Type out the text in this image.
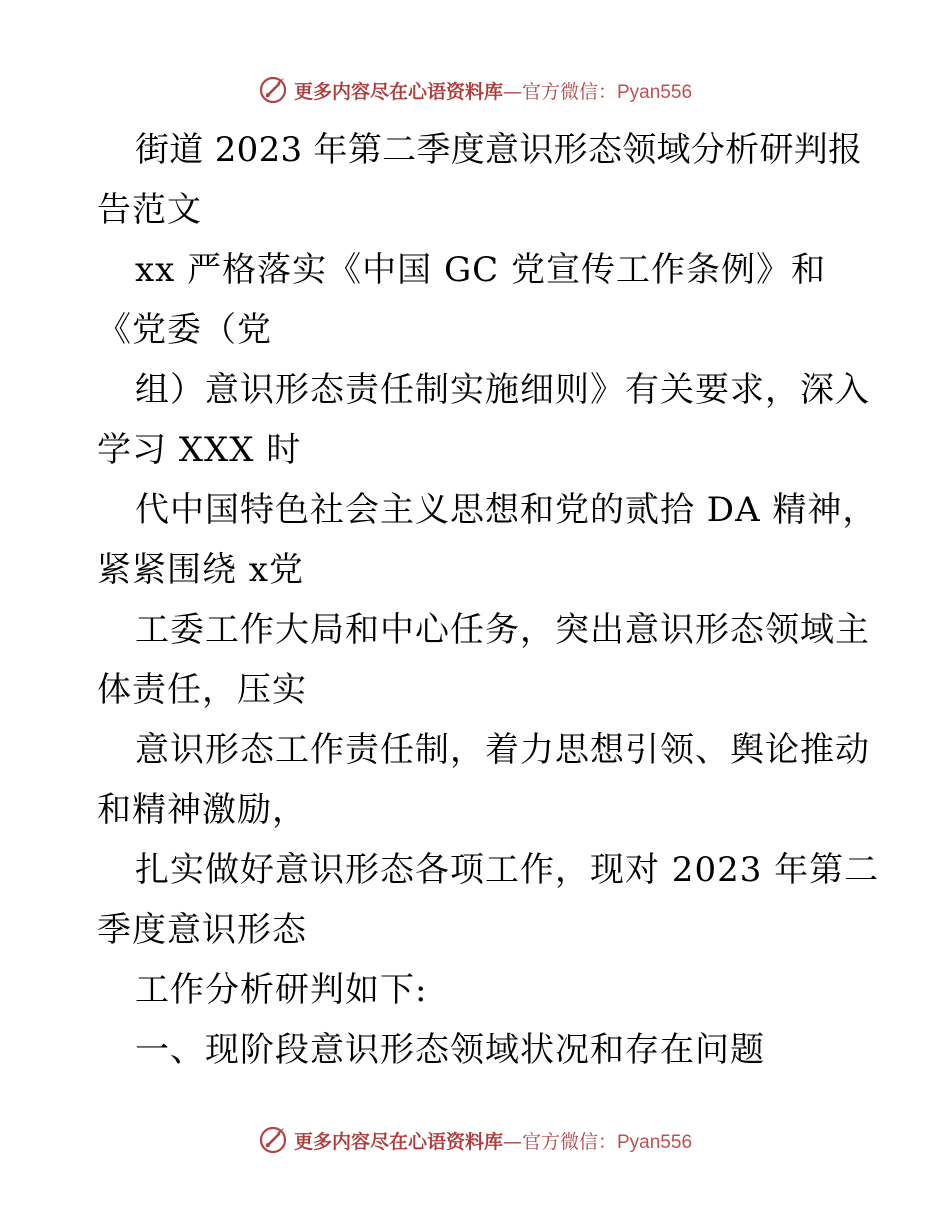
更多内容尽在心语资料库—官方微信：Pyan556
街道 2023 年第二季度意识形态领域分析研判报
告范文
xx 严格落实《中国 GC 党宣传工作条例》和
《党委（党
组）意识形态责任制实施细则》有关要求，深入
学习 XXX 时
代中国特色社会主义思想和党的贰拾 DA 精神，
紧紧围绕 x党
工委工作大局和中心任务，突出意识形态领域主
体责任，压实
意识形态工作责任制，着力思想引领、舆论推动
和精神激励，
扎实做好意识形态各项工作，现对 2023 年第二
季度意识形态
工作分析研判如下:
一、现阶段意识形态领域状况和存在问题
更多内容尽在心语资料库—官方微信：Pyan556
